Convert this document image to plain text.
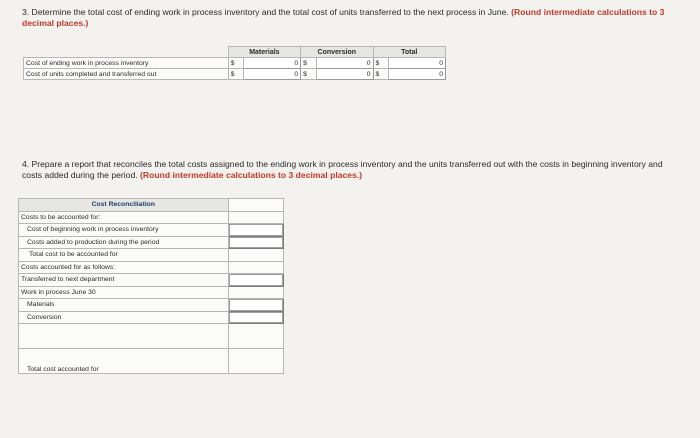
3. Determine the total cost of ending work in process inventory and the total cost of units transferred to the next process in June. (Round intermediate calculations to 3 decimal places.)
	Materials		Conversion		Total	
Cost of ending work in process inventory	$	0	$	0	$	0
Cost of units completed and transferred out	$	0	$	0	$	0
4. Prepare a report that reconciles the total costs assigned to the ending work in process inventory and the units transferred out with the costs in beginning inventory and costs added during the period. (Round intermediate calculations to 3 decimal places.)
Cost Reconciliation	
Costs to be accounted for:	
Cost of beginning work in process inventory	
Costs added to production during the period	
Total cost to be accounted for	
Costs accounted for as follows:	
Transferred to next department	
Work in process June 30	
Materials	
Conversion	

Total cost accounted for	
